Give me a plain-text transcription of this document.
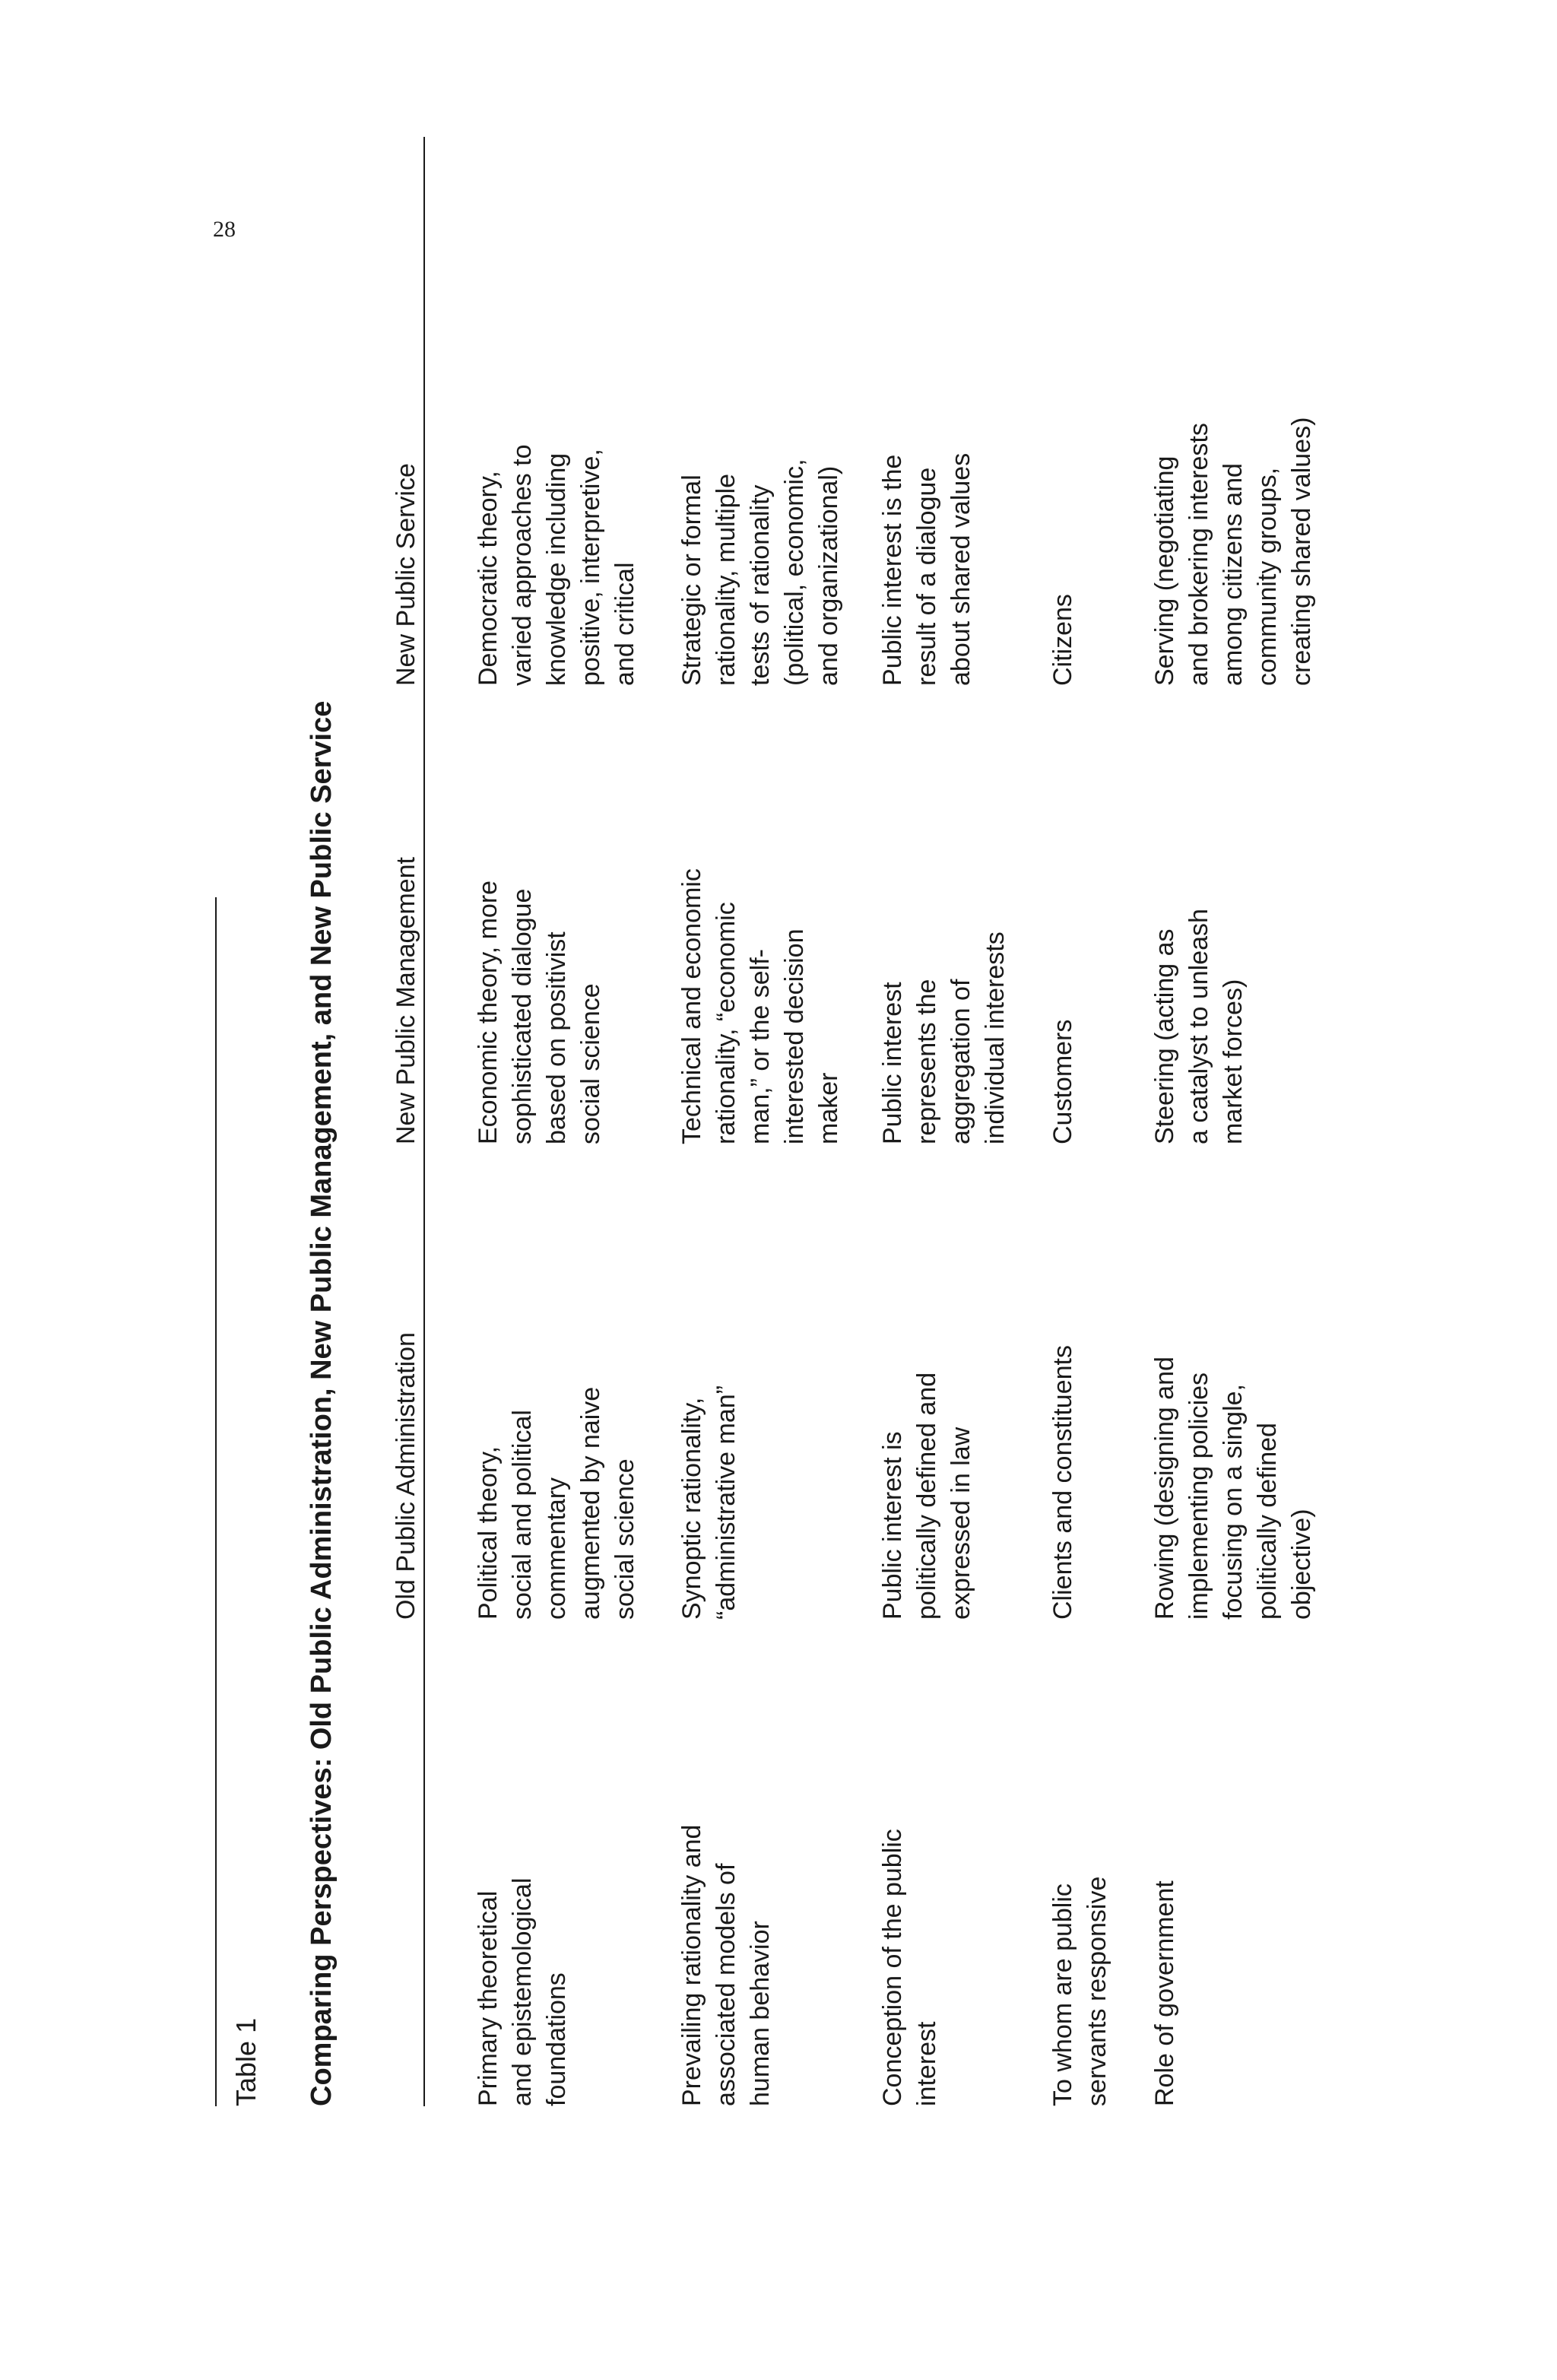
28
Table 1 Comparing Perspectives: Old Public Administration, New Public Management, and New Public Service Old Public Administration
New Public Management
New Public Service
Primary theoretical
and epistemological
foundations
Political theory,
social and political
commentary
augmented by naive
social science
Economic theory, more
sophisticated dialogue
based on positivist
social science
Democratic theory,
varied approaches to
knowledge including
positive, interpretive,
and critical
Prevailing rationality and
associated models of
human behavior
Synoptic rationality,
“administrative man”
Technical and economic
rationality, “economic
man,” or the self-
interested decision
maker
Strategic or formal
rationality, multiple
tests of rationality
(political, economic,
and organizational)
Conception of the public
interest
Public interest is
politically defined and
expressed in law
Public interest
represents the
aggregation of
individual interests
Public interest is the
result of a dialogue
about shared values
To whom are public
servants responsive
Clients and constituents
Customers
Citizens
Role of government
Rowing (designing and
implementing policies
focusing on a single,
politically defined
objective)
Steering (acting as
a catalyst to unleash
market forces)
Serving (negotiating
and brokering interests
among citizens and
community groups,
creating shared values)
